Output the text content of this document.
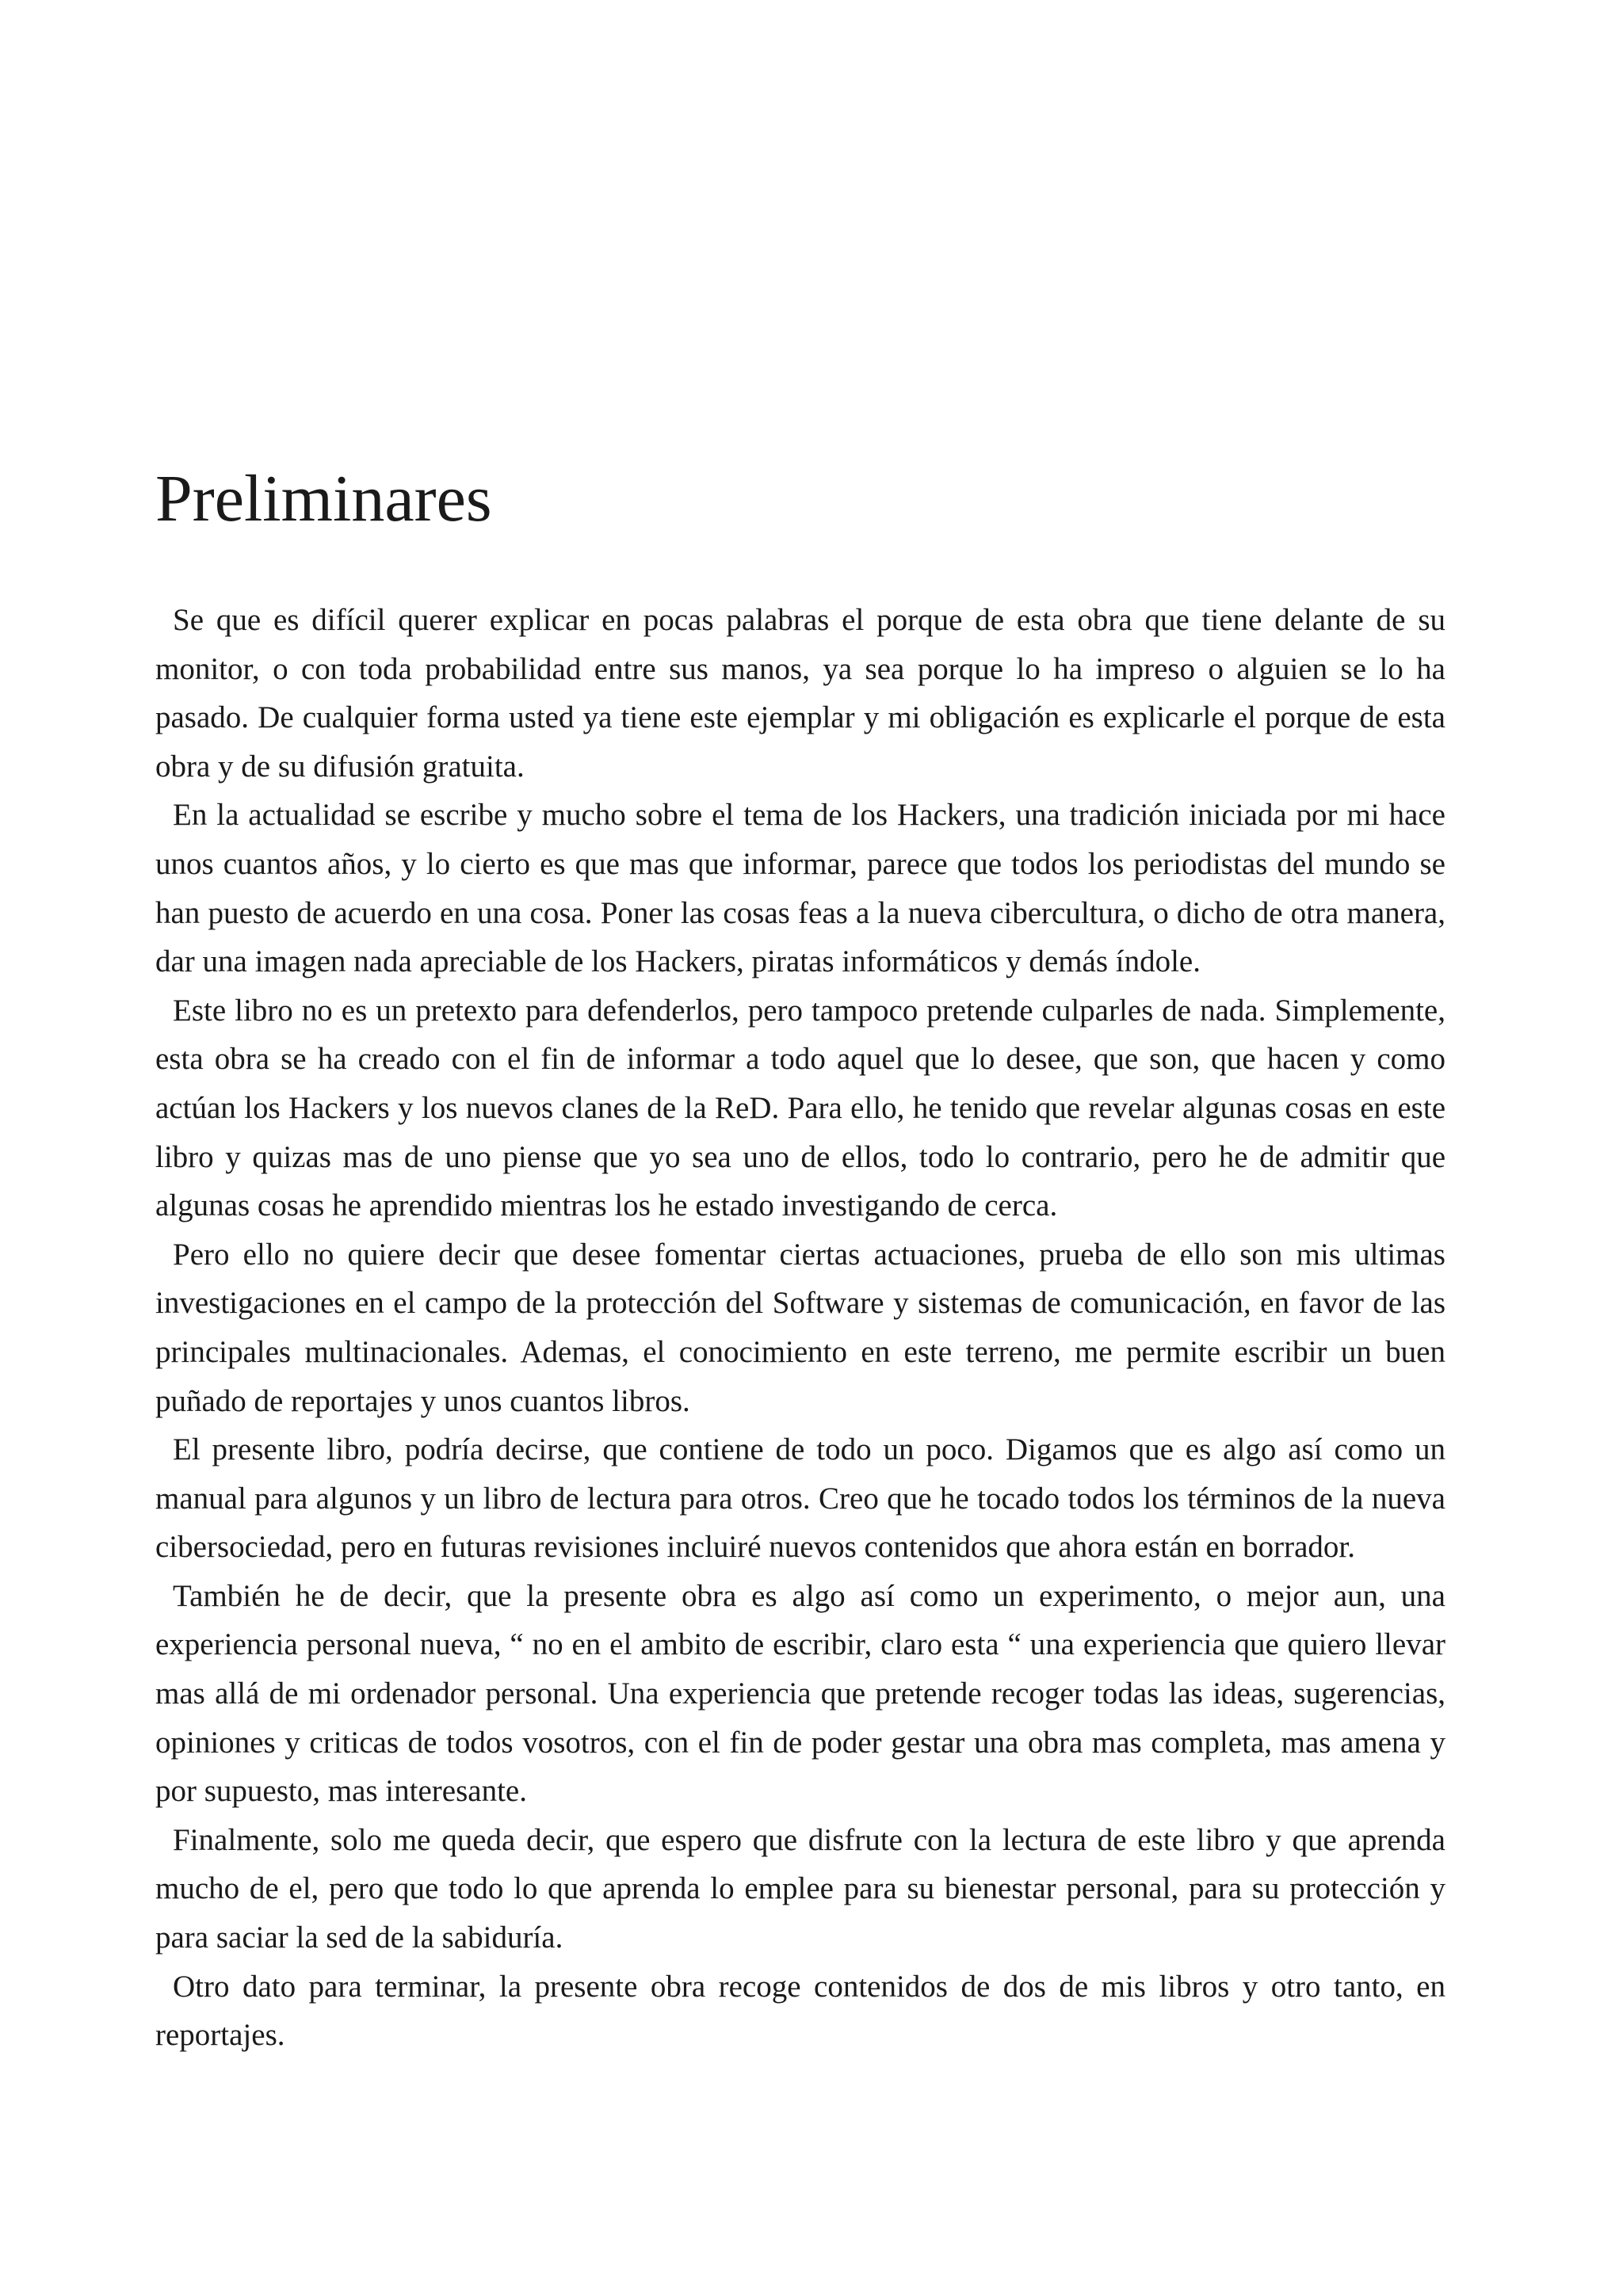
Preliminares

Se que es difícil querer explicar en pocas palabras el porque de esta obra que tiene delante de su monitor, o con toda probabilidad entre sus manos, ya sea porque lo ha impreso o alguien se lo ha pasado. De cualquier forma usted ya tiene este ejemplar y mi obligación es explicarle el porque de esta obra y de su difusión gratuita.

En la actualidad se escribe y mucho sobre el tema de los Hackers, una tradición iniciada por mi hace unos cuantos años, y lo cierto es que mas que informar, parece que todos los periodistas del mundo se han puesto de acuerdo en una cosa. Poner las cosas feas a la nueva cibercultura, o dicho de otra manera, dar una imagen nada apreciable de los Hackers, piratas informáticos y demás índole.

Este libro no es un pretexto para defenderlos, pero tampoco pretende culparles de nada. Simplemente, esta obra se ha creado con el fin de informar a todo aquel que lo desee, que son, que hacen y como actúan los Hackers y los nuevos clanes de la ReD. Para ello, he tenido que revelar algunas cosas en este libro y quizas mas de uno piense que yo sea uno de ellos, todo lo contrario, pero he de admitir que algunas cosas he aprendido mientras los he estado investigando de cerca.

Pero ello no quiere decir que desee fomentar ciertas actuaciones, prueba de ello son mis ultimas investigaciones en el campo de la protección del Software y sistemas de comunicación, en favor de las principales multinacionales. Ademas, el conocimiento en este terreno, me permite escribir un buen puñado de reportajes y unos cuantos libros.

El presente libro, podría decirse, que contiene de todo un poco. Digamos que es algo así como un manual para algunos y un libro de lectura para otros. Creo que he tocado todos los términos de la nueva cibersociedad, pero en futuras revisiones incluiré nuevos contenidos que ahora están en borrador.

También he de decir, que la presente obra es algo así como un experimento, o mejor aun, una experiencia personal nueva, “ no en el ambito de escribir, claro esta “ una experiencia que quiero llevar mas allá de mi ordenador personal. Una experiencia que pretende recoger todas las ideas, sugerencias, opiniones y criticas de todos vosotros, con el fin de poder gestar una obra mas completa, mas amena y por supuesto, mas interesante.

Finalmente, solo me queda decir, que espero que disfrute con la lectura de este libro y que aprenda mucho de el, pero que todo lo que aprenda lo emplee para su bienestar personal, para su protección y para saciar la sed de la sabiduría.

Otro dato para terminar, la presente obra recoge contenidos de dos de mis libros y otro tanto, en reportajes.
